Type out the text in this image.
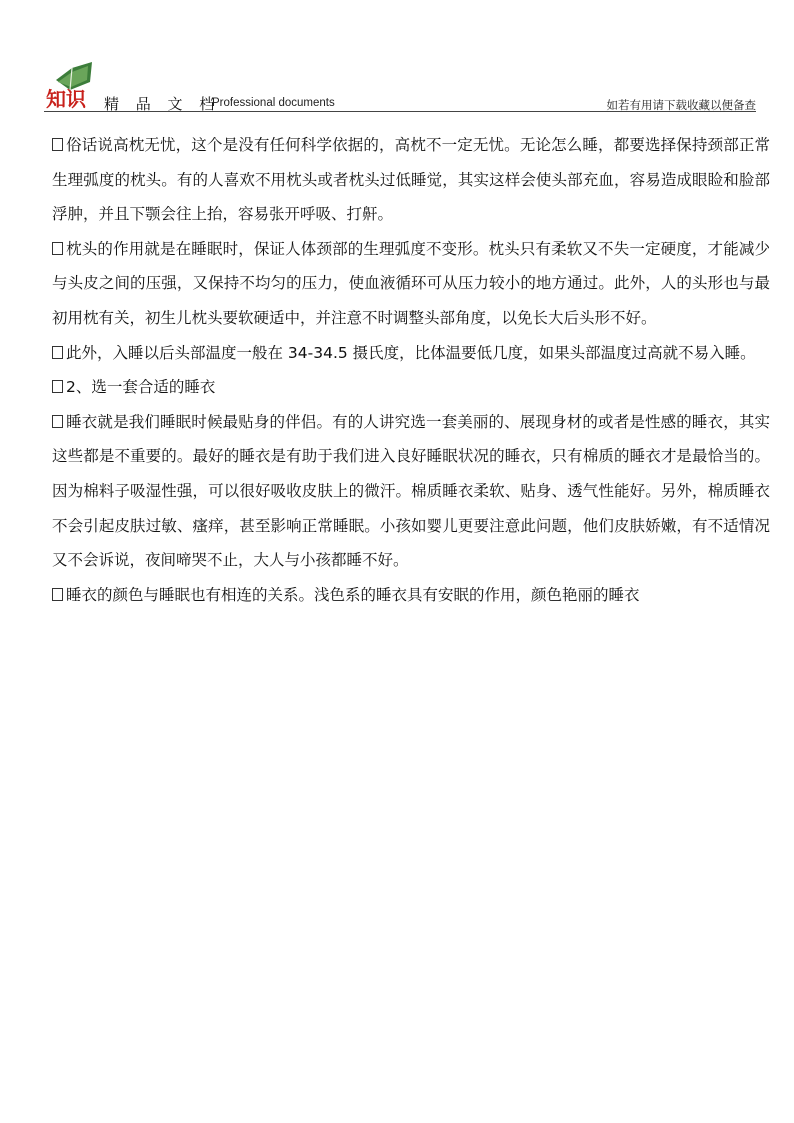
知识 精 品 文 档
Professional documents	如若有用请下载收藏以便备查

俗话说高枕无忧，这个是没有任何科学依据的，高枕不一定无忧。无论怎么睡，都要选择保持颈部正常生理弧度的枕头。有的人喜欢不用枕头或者枕头过低睡觉，其实这样会使头部充血，容易造成眼睑和脸部浮肿，并且下颚会往上抬，容易张开呼吸、打鼾。

枕头的作用就是在睡眠时，保证人体颈部的生理弧度不变形。枕头只有柔软又不失一定硬度，才能减少与头皮之间的压强，又保持不均匀的压力，使血液循环可从压力较小的地方通过。此外，人的头形也与最初用枕有关，初生儿枕头要软硬适中，并注意不时调整头部角度，以免长大后头形不好。

此外，入睡以后头部温度一般在 34-34.5 摄氏度，比体温要低几度，如果头部温度过高就不易入睡。

2、选一套合适的睡衣

睡衣就是我们睡眠时候最贴身的伴侣。有的人讲究选一套美丽的、展现身材的或者是性感的睡衣，其实这些都是不重要的。最好的睡衣是有助于我们进入良好睡眠状况的睡衣，只有棉质的睡衣才是最恰当的。因为棉料子吸湿性强，可以很好吸收皮肤上的微汗。棉质睡衣柔软、贴身、透气性能好。另外，棉质睡衣不会引起皮肤过敏、瘙痒，甚至影响正常睡眠。小孩如婴儿更要注意此问题，他们皮肤娇嫩，有不适情况又不会诉说，夜间啼哭不止，大人与小孩都睡不好。

睡衣的颜色与睡眠也有相连的关系。浅色系的睡衣具有安眠的作用，颜色艳丽的睡衣
